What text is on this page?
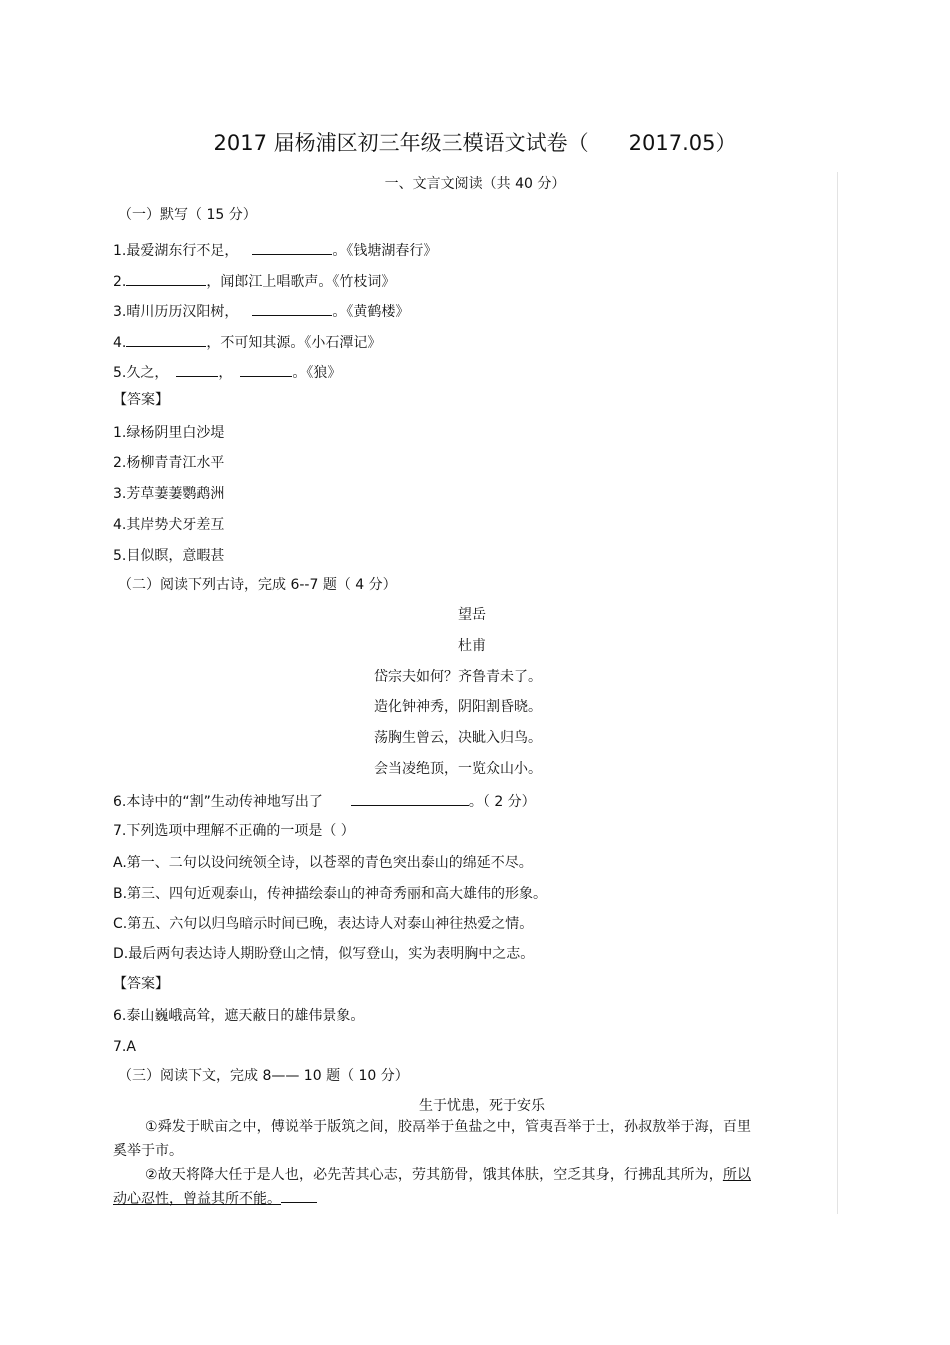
2017 届杨浦区初三年级三模语文试卷（      2017.05）
一、文言文阅读（共 40 分）
（一）默写（ 15 分）
1.最爱湖东行不足，	。《钱塘湖春行》
2.	，闻郎江上唱歌声。《竹枝词》
3.晴川历历汉阳树，	。《黄鹤楼》
4.	，不可知其源。《小石潭记》
5.久之，	，	。《狼》
【答案】
1.绿杨阴里白沙堤
2.杨柳青青江水平
3.芳草萋萋鹦鹉洲
4.其岸势犬牙差互
5.目似瞑，意暇甚
（二）阅读下列古诗，完成 6--7 题（ 4 分）
望岳
杜甫
岱宗夫如何？齐鲁青未了。
造化钟神秀，阴阳割昏晓。
荡胸生曾云，决眦入归鸟。
会当凌绝顶，一览众山小。
6.本诗中的“割”生动传神地写出了	。（ 2 分）
7.下列选项中理解不正确的一项是（ ）
A.第一、二句以设问统领全诗，以苍翠的青色突出泰山的绵延不尽。
B.第三、四句近观泰山，传神描绘泰山的神奇秀丽和高大雄伟的形象。
C.第五、六句以归鸟暗示时间已晚，表达诗人对泰山神往热爱之情。
D.最后两句表达诗人期盼登山之情，似写登山，实为表明胸中之志。
【答案】
6.泰山巍峨高耸，遮天蔽日的雄伟景象。
7.A
（三）阅读下文，完成 8—— 10 题（ 10 分）
生于忧患，死于安乐
①舜发于畎亩之中，傅说举于版筑之间，胶鬲举于鱼盐之中，管夷吾举于士，孙叔敖举于海，百里奚举于市。
②故天将降大任于是人也，必先苦其心志，劳其筋骨，饿其体肤，空乏其身，行拂乱其所为，所以动心忍性，曾益其所不能。
